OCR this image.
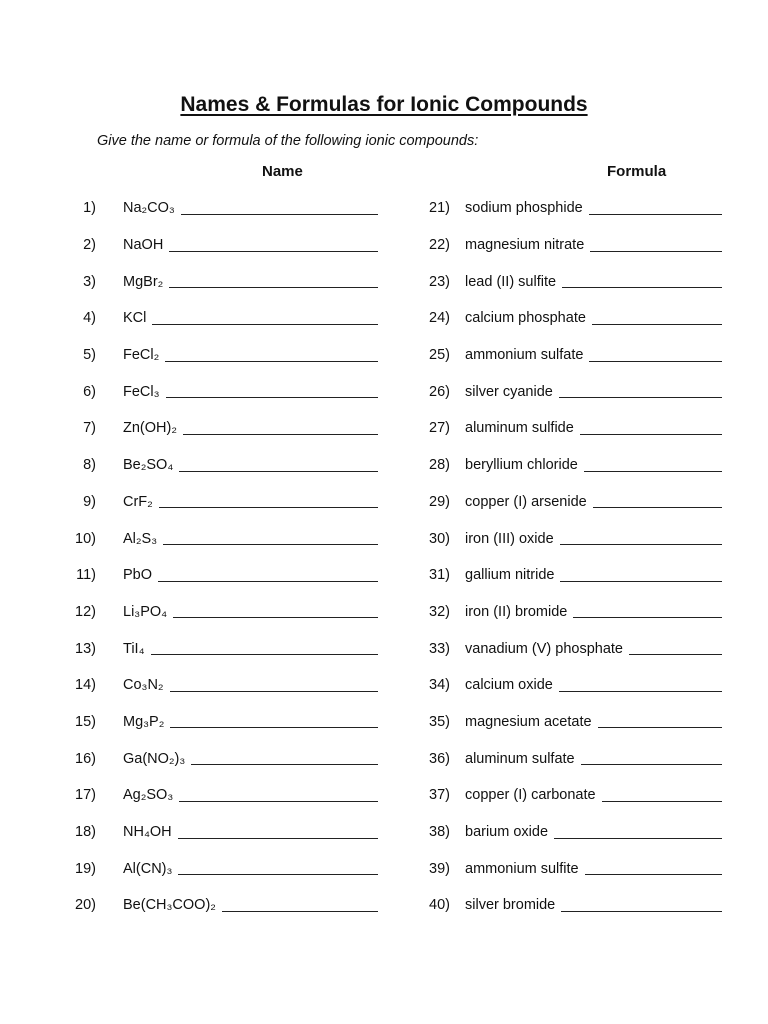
Names & Formulas for Ionic Compounds
Give the name or formula of the following ionic compounds:
Name	Formula
1) Na₂CO₃
2) NaOH
3) MgBr₂
4) KCl
5) FeCl₂
6) FeCl₃
7) Zn(OH)₂
8) Be₂SO₄
9) CrF₂
10) Al₂S₃
11) PbO
12) Li₃PO₄
13) TiI₄
14) Co₃N₂
15) Mg₃P₂
16) Ga(NO₂)₃
17) Ag₂SO₃
18) NH₄OH
19) Al(CN)₃
20) Be(CH₃COO)₂
21) sodium phosphide
22) magnesium nitrate
23) lead (II) sulfite
24) calcium phosphate
25) ammonium sulfate
26) silver cyanide
27) aluminum sulfide
28) beryllium chloride
29) copper (I) arsenide
30) iron (III) oxide
31) gallium nitride
32) iron (II) bromide
33) vanadium (V) phosphate
34) calcium oxide
35) magnesium acetate
36) aluminum sulfate
37) copper (I) carbonate
38) barium oxide
39) ammonium sulfite
40) silver bromide
